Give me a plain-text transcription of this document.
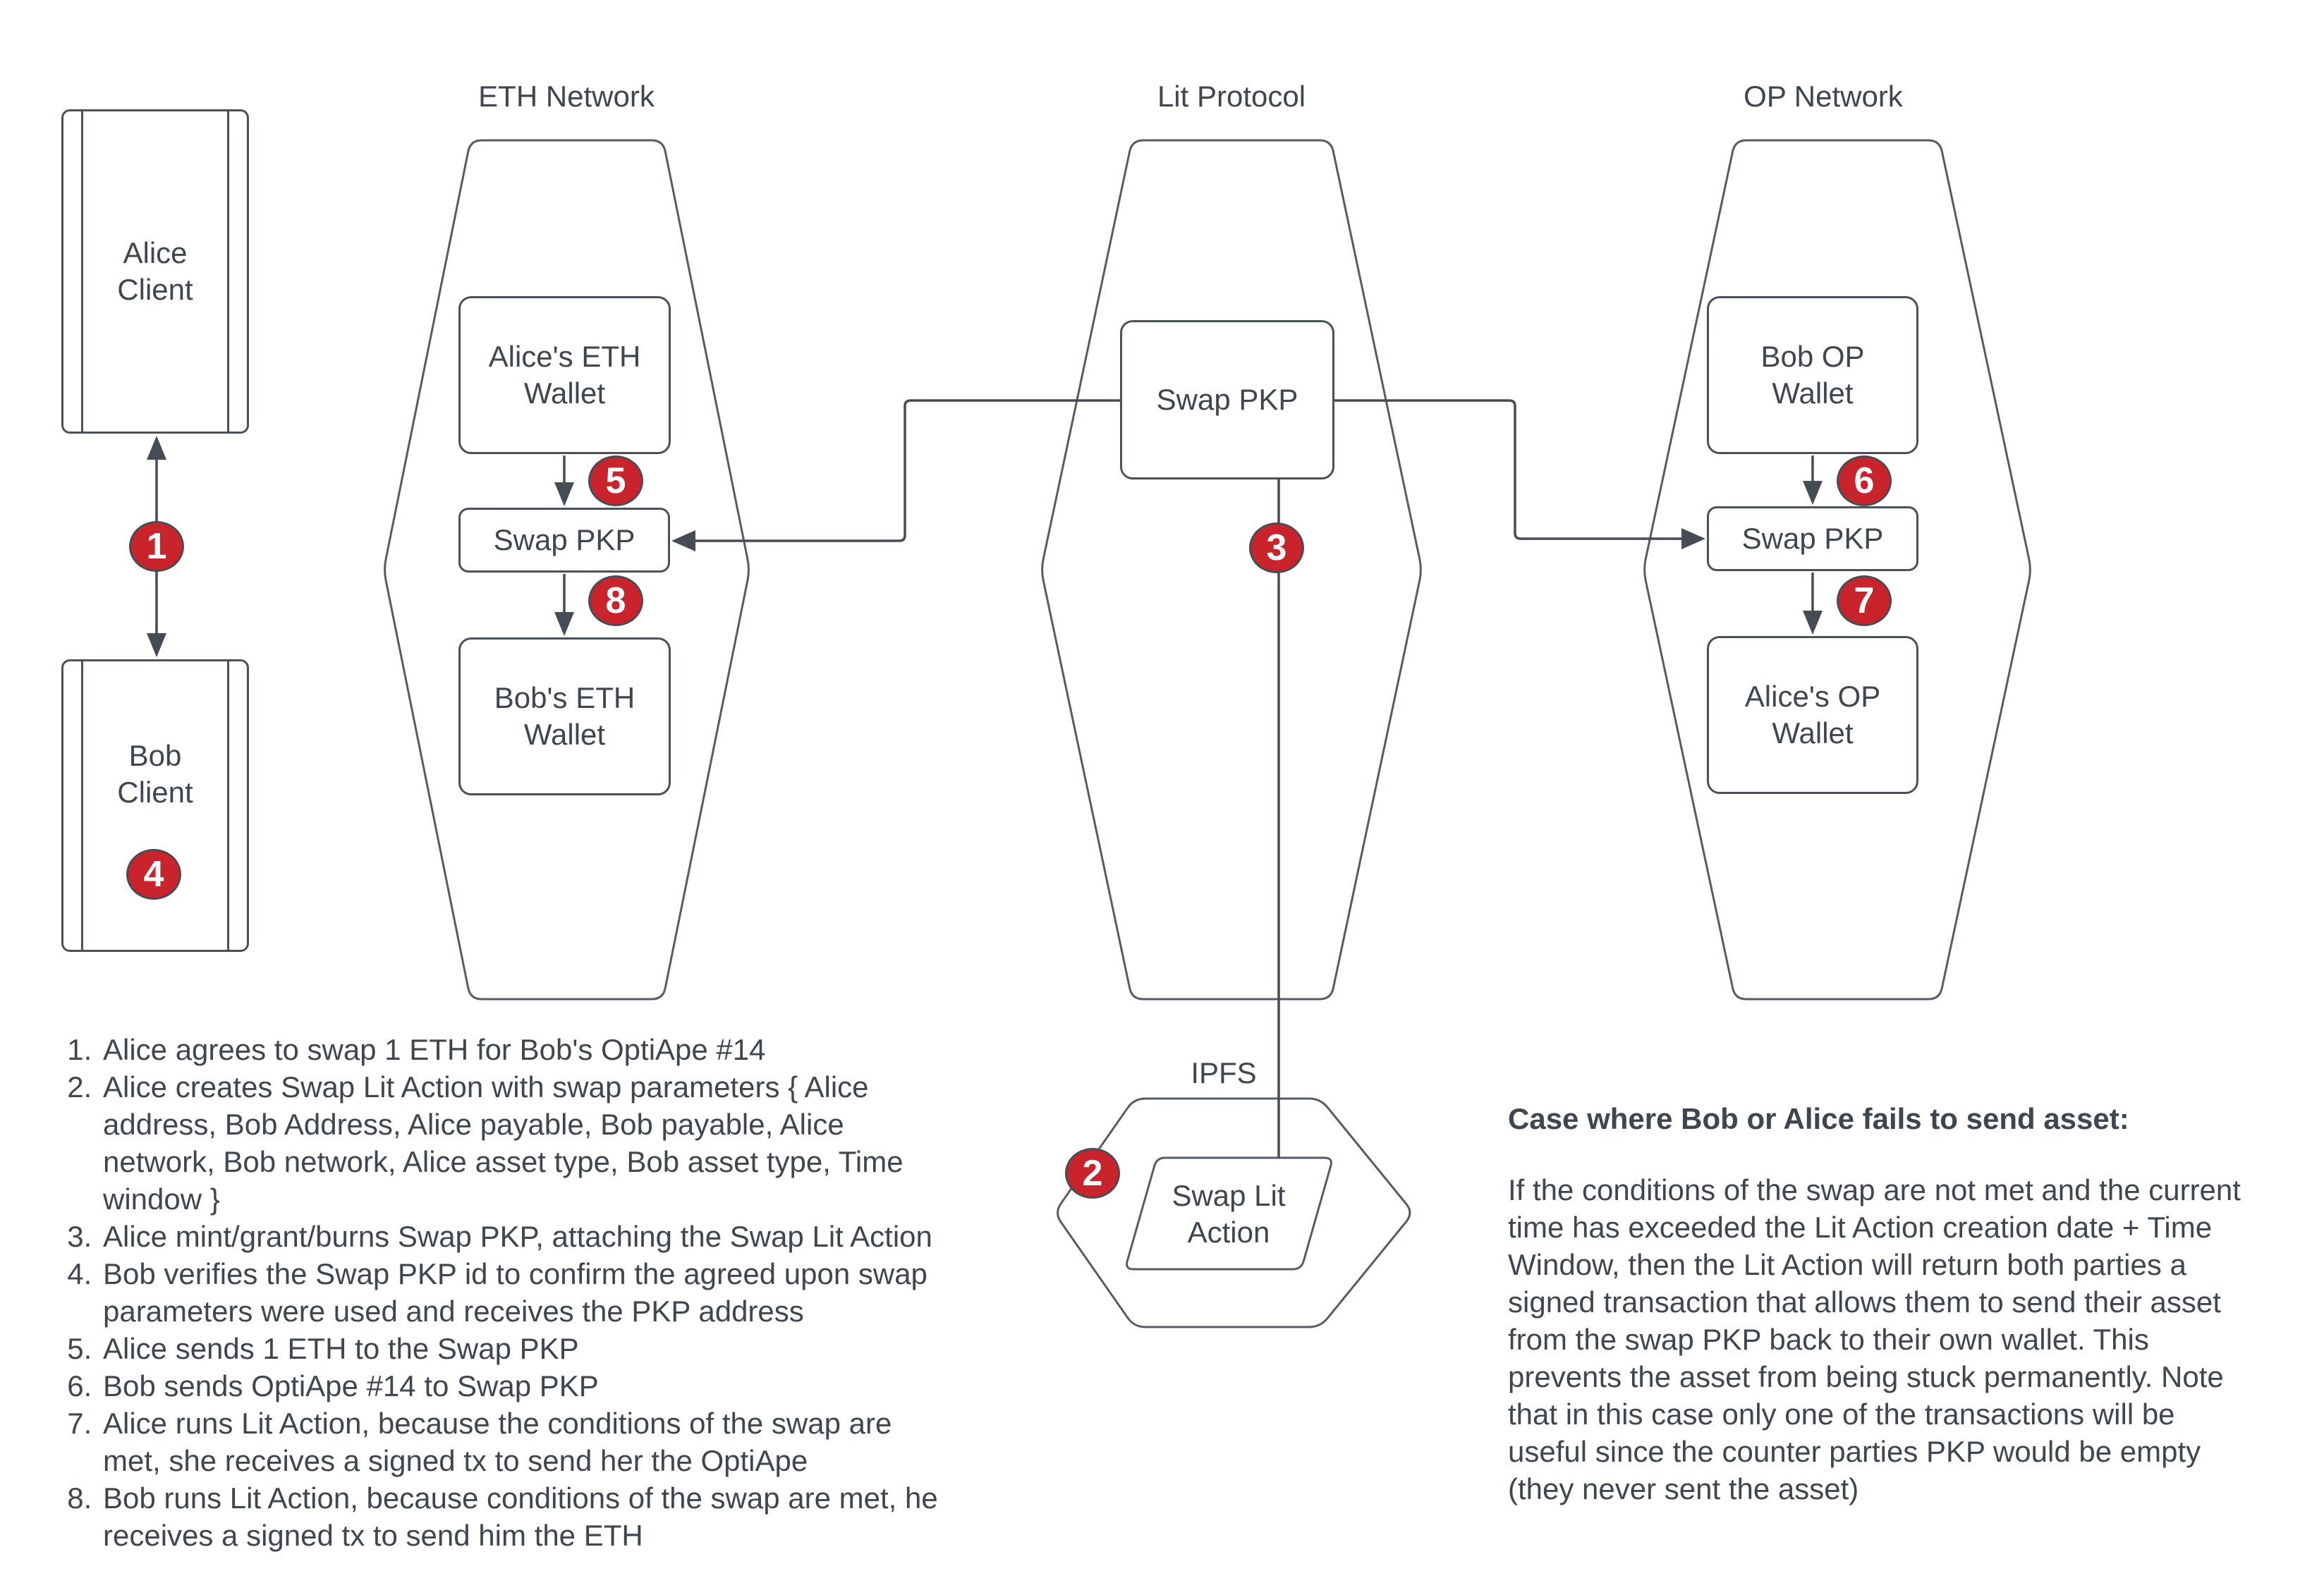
ETH Network	Lit Protocol	OP Network
IPFS
Alice Client
Bob Client
Alice's ETH Wallet
Swap PKP
Bob's ETH Wallet
Swap PKP
Bob OP Wallet
Swap PKP
Alice's OP Wallet
Swap Lit Action
1
2
3
4
5	6
7
8
1. Alice agrees to swap 1 ETH for Bob's OptiApe #14
2. Alice creates Swap Lit Action with swap parameters { Alice address, Bob Address, Alice payable, Bob payable, Alice network, Bob network, Alice asset type, Bob asset type, Time window }
3. Alice mint/grant/burns Swap PKP, attaching the Swap Lit Action
4. Bob verifies the Swap PKP id to confirm the agreed upon swap parameters were used and receives the PKP address
5. Alice sends 1 ETH to the Swap PKP
6. Bob sends OptiApe #14 to Swap PKP
7. Alice runs Lit Action, because the conditions of the swap are met, she receives a signed tx to send her the OptiApe
8. Bob runs Lit Action, because conditions of the swap are met, he receives a signed tx to send him the ETH

Case where Bob or Alice fails to send asset:

If the conditions of the swap are not met and the current time has exceeded the Lit Action creation date + Time Window, then the Lit Action will return both parties a signed transaction that allows them to send their asset from the swap PKP back to their own wallet. This prevents the asset from being stuck permanently. Note that in this case only one of the transactions will be useful since the counter parties PKP would be empty (they never sent the asset)
